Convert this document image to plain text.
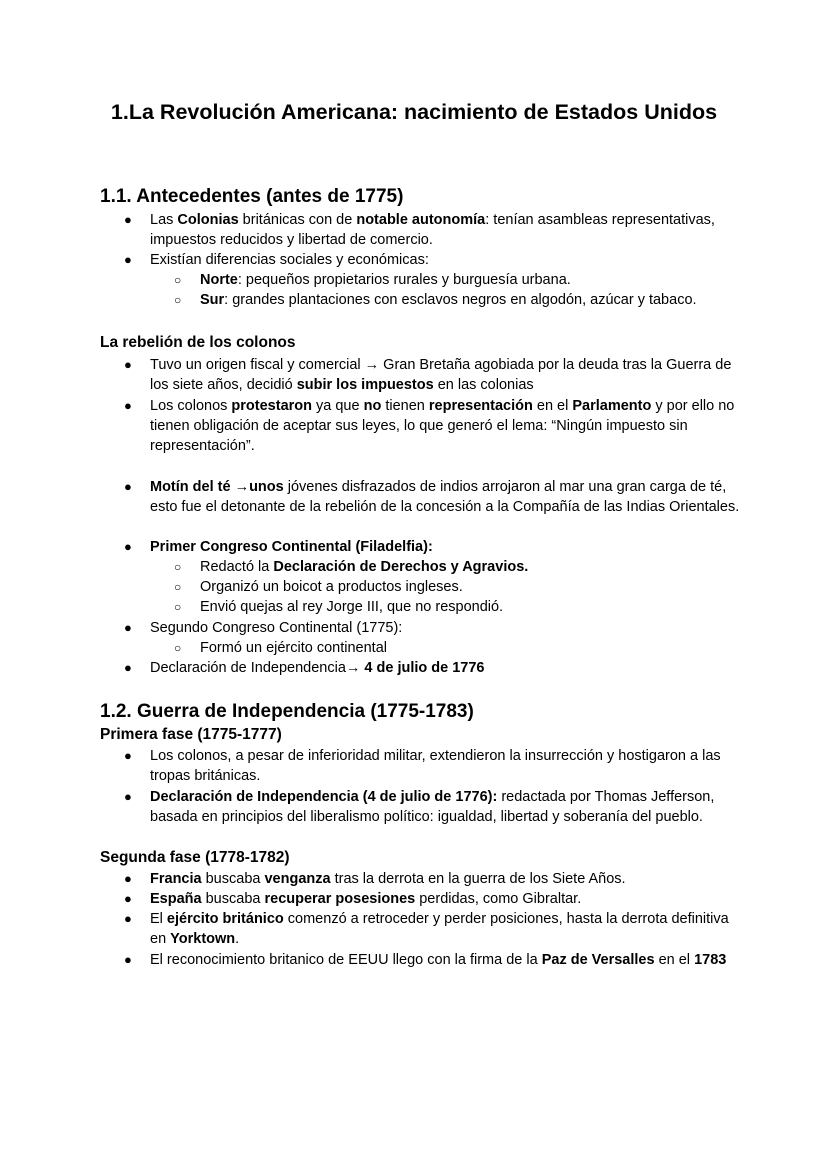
1.La Revolución Americana: nacimiento de Estados Unidos
1.1. Antecedentes (antes de 1775)
● Las Colonias británicas con de notable autonomía: tenían asambleas representativas, impuestos reducidos y libertad de comercio.
● Existían diferencias sociales y económicas:
○ Norte: pequeños propietarios rurales y burguesía urbana.
○ Sur: grandes plantaciones con esclavos negros en algodón, azúcar y tabaco.
La rebelión de los colonos
● Tuvo un origen fiscal y comercial → Gran Bretaña agobiada por la deuda tras la Guerra de los siete años, decidió subir los impuestos en las colonias
● Los colonos protestaron ya que no tienen representación en el Parlamento y por ello no tienen obligación de aceptar sus leyes, lo que generó el lema: “Ningún impuesto sin representación”.
● Motín del té →unos jóvenes disfrazados de indios arrojaron al mar una gran carga de té, esto fue el detonante de la rebelión de la concesión a la Compañía de las Indias Orientales.
● Primer Congreso Continental (Filadelfia):
○ Redactó la Declaración de Derechos y Agravios.
○ Organizó un boicot a productos ingleses.
○ Envió quejas al rey Jorge III, que no respondió.
● Segundo Congreso Continental (1775):
○ Formó un ejército continental
● Declaración de Independencia→ 4 de julio de 1776
1.2. Guerra de Independencia (1775-1783)
Primera fase (1775-1777)
● Los colonos, a pesar de inferioridad militar, extendieron la insurrección y hostigaron a las tropas británicas.
● Declaración de Independencia (4 de julio de 1776): redactada por Thomas Jefferson, basada en principios del liberalismo político: igualdad, libertad y soberanía del pueblo.
Segunda fase (1778-1782)
● Francia buscaba venganza tras la derrota en la guerra de los Siete Años.
● España buscaba recuperar posesiones perdidas, como Gibraltar.
● El ejército británico comenzó a retroceder y perder posiciones, hasta la derrota definitiva en Yorktown.
● El reconocimiento britanico de EEUU llego con la firma de la Paz de Versalles en el 1783
